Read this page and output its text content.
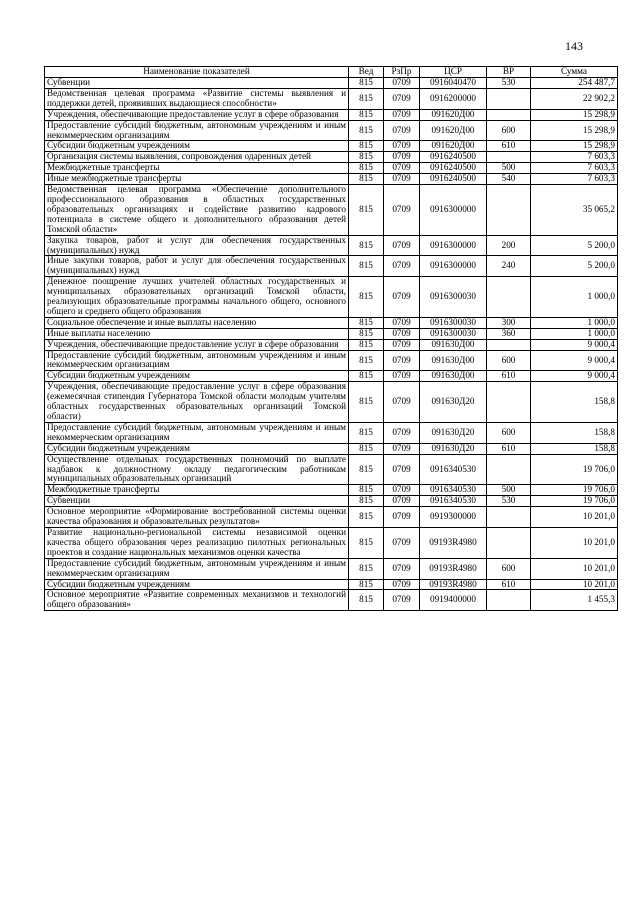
143
Наименование показателей	Вед	РзПр	ЦСР	ВР	Сумма
Субвенции	815	0709	0916040470	530	254 487,7
Ведомственная целевая программа «Развитие системы выявления и поддержки детей, проявивших выдающиеся способности»	815	0709	0916200000		22 902,2
Учреждения, обеспечивающие предоставление услуг в сфере образования	815	0709	091620Д00		15 298,9
Предоставление субсидий бюджетным, автономным учреждениям и иным некоммерческим организациям	815	0709	091620Д00	600	15 298,9
Субсидии бюджетным учреждениям	815	0709	091620Д00	610	15 298,9
Организация системы выявления, сопровождения одаренных детей	815	0709	0916240500		7 603,3
Межбюджетные трансферты	815	0709	0916240500	500	7 603,3
Иные межбюджетные трансферты	815	0709	0916240500	540	7 603,3
Ведомственная целевая программа «Обеспечение дополнительного профессионального образования в областных государственных образовательных организациях и содействие развитию кадрового потенциала в системе общего и дополнительного образования детей Томской области»	815	0709	0916300000		35 065,2
Закупка товаров, работ и услуг для обеспечения государственных (муниципальных) нужд	815	0709	0916300000	200	5 200,0
Иные закупки товаров, работ и услуг для обеспечения государственных (муниципальных) нужд	815	0709	0916300000	240	5 200,0
Денежное поощрение лучших учителей областных государственных и муниципальных образовательных организаций Томской области, реализующих образовательные программы начального общего, основного общего и среднего общего образования	815	0709	0916300030		1 000,0
Социальное обеспечение и иные выплаты населению	815	0709	0916300030	300	1 000,0
Иные выплаты населению	815	0709	0916300030	360	1 000,0
Учреждения, обеспечивающие предоставление услуг в сфере образования	815	0709	091630Д00		9 000,4
Предоставление субсидий бюджетным, автономным учреждениям и иным некоммерческим организациям	815	0709	091630Д00	600	9 000,4
Субсидии бюджетным учреждениям	815	0709	091630Д00	610	9 000,4
Учреждения, обеспечивающие предоставление услуг в сфере образования (ежемесячная стипендия Губернатора Томской области молодым учителям областных государственных образовательных организаций Томской области)	815	0709	091630Д20		158,8
Предоставление субсидий бюджетным, автономным учреждениям и иным некоммерческим организациям	815	0709	091630Д20	600	158,8
Субсидии бюджетным учреждениям	815	0709	091630Д20	610	158,8
Осуществление отдельных государственных полномочий по выплате надбавок к должностному окладу педагогическим работникам муниципальных образовательных организаций	815	0709	0916340530		19 706,0
Межбюджетные трансферты	815	0709	0916340530	500	19 706,0
Субвенции	815	0709	0916340530	530	19 706,0
Основное мероприятие «Формирование востребованной системы оценки качества образования и образовательных результатов»	815	0709	0919300000		10 201,0
Развитие национально-региональной системы независимой оценки качества общего образования через реализацию пилотных региональных проектов и создание национальных механизмов оценки качества	815	0709	09193R4980		10 201,0
Предоставление субсидий бюджетным, автономным учреждениям и иным некоммерческим организациям	815	0709	09193R4980	600	10 201,0
Субсидии бюджетным учреждениям	815	0709	09193R4980	610	10 201,0
Основное мероприятие «Развитие современных механизмов и технологий общего образования»	815	0709	0919400000		1 455,3
